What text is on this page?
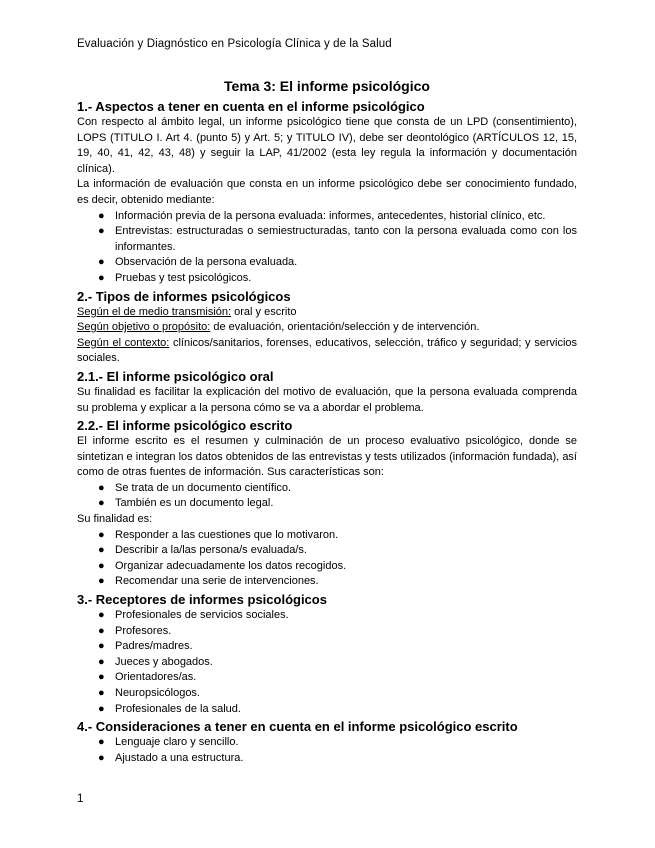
Evaluación y Diagnóstico en Psicología Clínica y de la Salud
Tema 3: El informe psicológico
1.- Aspectos a tener en cuenta en el informe psicológico

Con respecto al ámbito legal, un informe psicológico tiene que consta de un LPD (consentimiento), LOPS (TITULO I. Art 4. (punto 5) y Art. 5; y TITULO IV), debe ser deontológico (ARTÍCULOS 12, 15, 19, 40, 41, 42, 43, 48) y seguir la LAP, 41/2002 (esta ley regula la información y documentación clínica).

La información de evaluación que consta en un informe psicológico debe ser conocimiento fundado, es decir, obtenido mediante:

● Información previa de la persona evaluada: informes, antecedentes, historial clínico, etc.
● Entrevistas: estructuradas o semiestructuradas, tanto con la persona evaluada como con los informantes.
● Observación de la persona evaluada.
● Pruebas y test psicológicos.
2.- Tipos de informes psicológicos

Según el de medio transmisión: oral y escrito

Según objetivo o propósito: de evaluación, orientación/selección y de intervención.

Según el contexto: clínicos/sanitarios, forenses, educativos, selección, tráfico y seguridad; y servicios sociales.

2.1.- El informe psicológico oral

Su finalidad es facilitar la explicación del motivo de evaluación, que la persona evaluada comprenda su problema y explicar a la persona cómo se va a abordar el problema.

2.2.- El informe psicológico escrito

El informe escrito es el resumen y culminación de un proceso evaluativo psicológico, donde se sintetizan e integran los datos obtenidos de las entrevistas y tests utilizados (información fundada), así como de otras fuentes de información. Sus características son:

● Se trata de un documento científico.
● También es un documento legal.

Su finalidad es:

● Responder a las cuestiones que lo motivaron.
● Describir a la/las persona/s evaluada/s.
● Organizar adecuadamente los datos recogidos.
● Recomendar una serie de intervenciones.
3.- Receptores de informes psicológicos
● Profesionales de servicios sociales.
● Profesores.
● Padres/madres.
● Jueces y abogados.
● Orientadores/as.
● Neuropsicólogos.
● Profesionales de la salud.
4.- Consideraciones a tener en cuenta en el informe psicológico escrito
● Lenguaje claro y sencillo.
● Ajustado a una estructura.
1
